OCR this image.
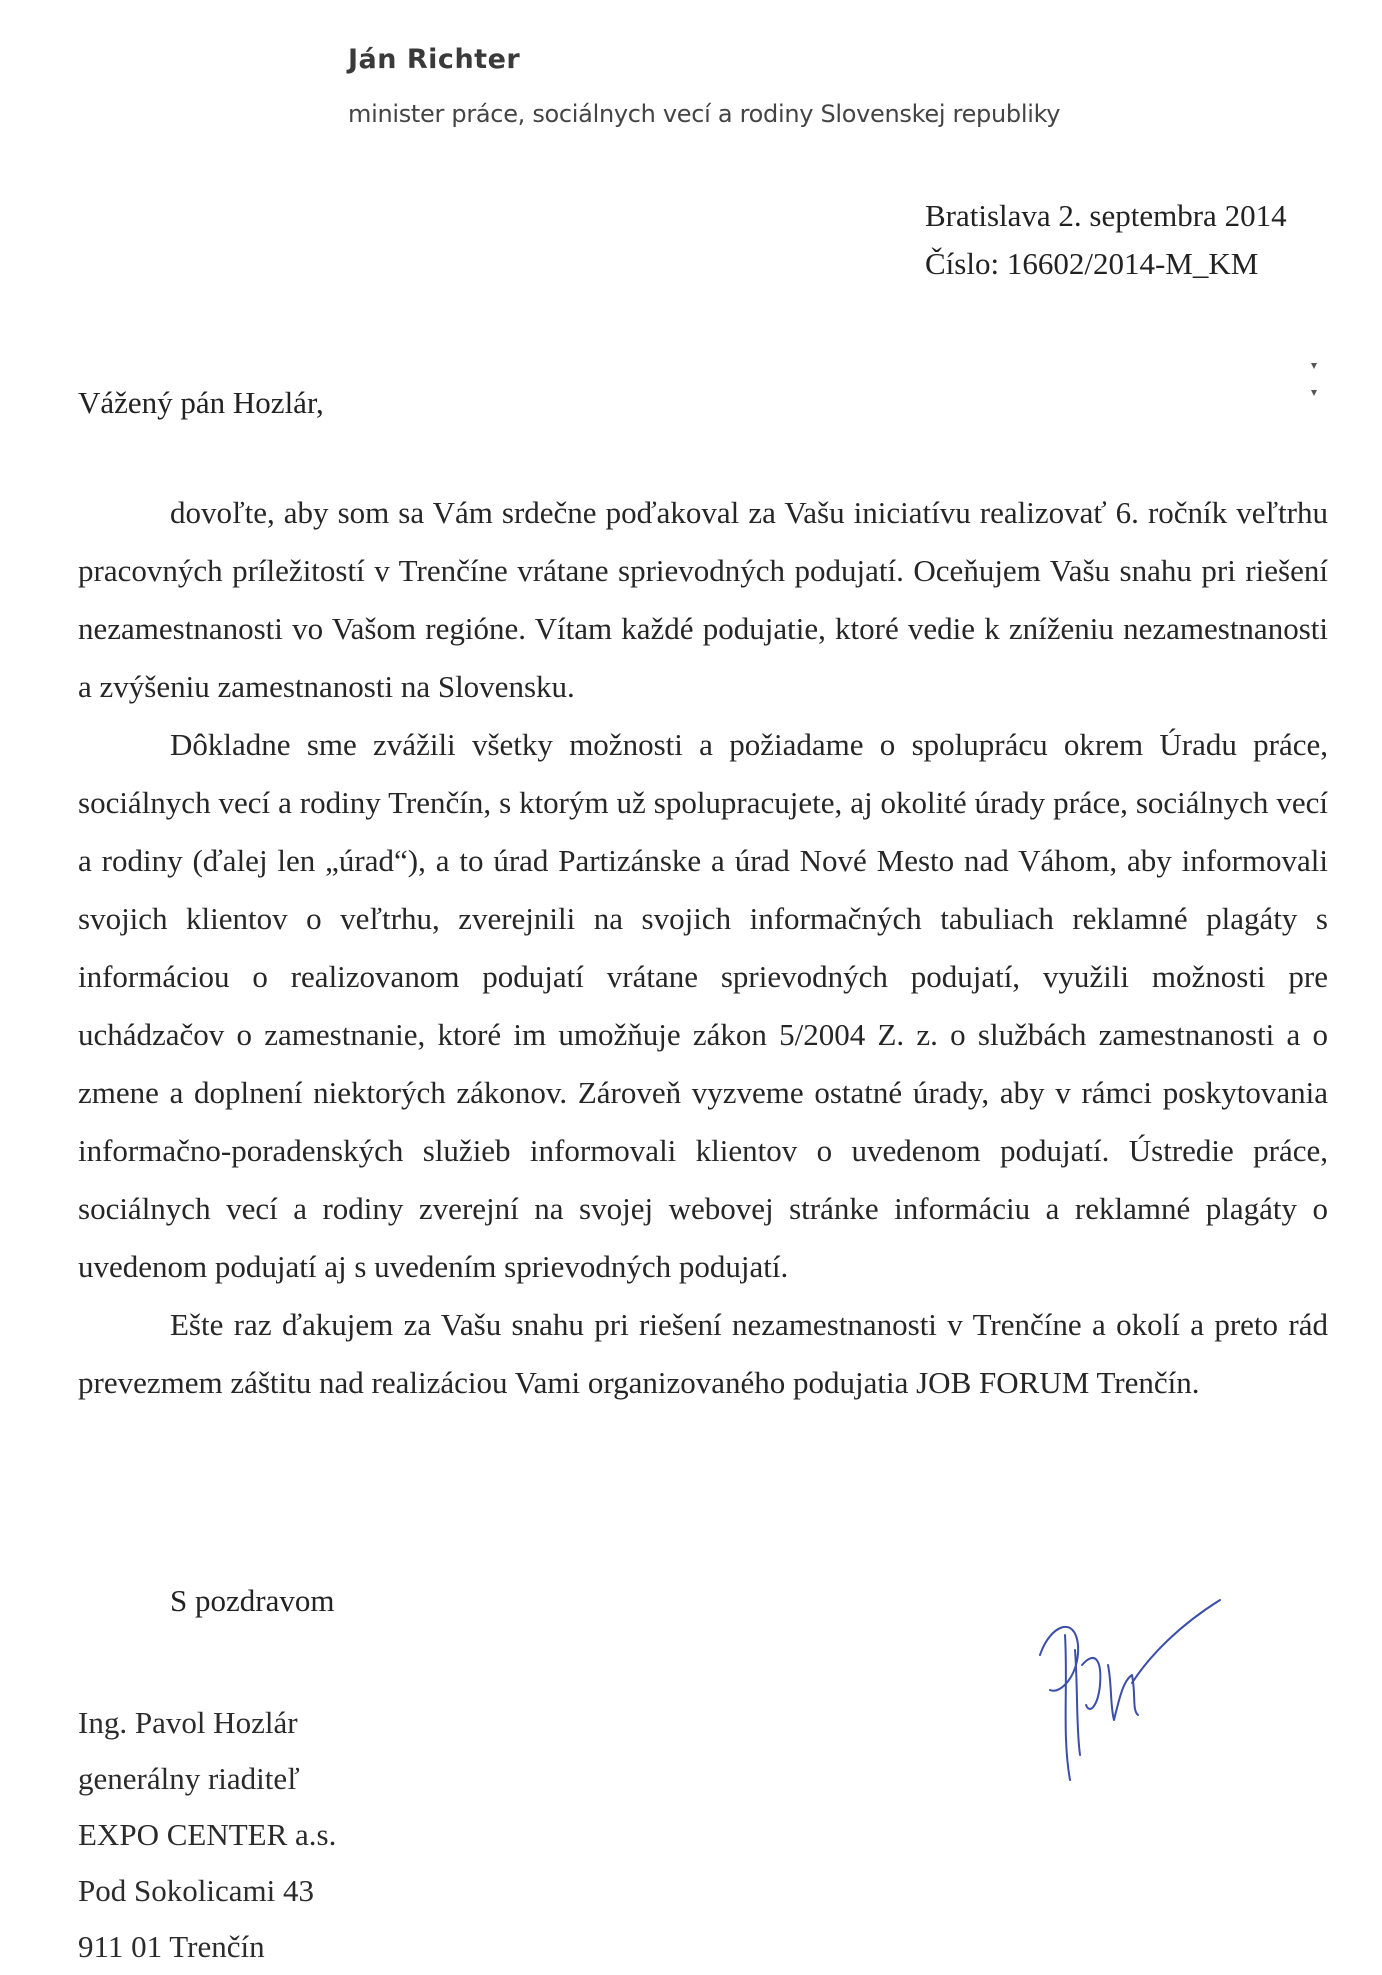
Ján Richter
minister práce, sociálnych vecí a rodiny Slovenskej republiky
Bratislava 2. septembra 2014
Číslo: 16602/2014-M_KM
Vážený pán Hozlár,

dovoľte, aby som sa Vám srdečne poďakoval za Vašu iniciatívu realizovať 6. ročník veľtrhu pracovných príležitostí v Trenčíne vrátane sprievodných podujatí. Oceňujem Vašu snahu pri riešení nezamestnanosti vo Vašom regióne. Vítam každé podujatie, ktoré vedie k zníženiu nezamestnanosti a zvýšeniu zamestnanosti na Slovensku.

Dôkladne sme zvážili všetky možnosti a požiadame o spoluprácu okrem Úradu práce, sociálnych vecí a rodiny Trenčín, s ktorým už spolupracujete, aj okolité úrady práce, sociálnych vecí a rodiny (ďalej len „úrad“), a to úrad Partizánske a úrad Nové Mesto nad Váhom, aby informovali svojich klientov o veľtrhu, zverejnili na svojich informačných tabuliach reklamné plagáty s informáciou o realizovanom podujatí vrátane sprievodných podujatí, využili možnosti pre uchádzačov o zamestnanie, ktoré im umožňuje zákon 5/2004 Z. z. o službách zamestnanosti a o zmene a doplnení niektorých zákonov. Zároveň vyzveme ostatné úrady, aby v rámci poskytovania informačno-poradenských služieb informovali klientov o uvedenom podujatí. Ústredie práce, sociálnych vecí a rodiny zverejní na svojej webovej stránke informáciu a reklamné plagáty o uvedenom podujatí aj s uvedením sprievodných podujatí.

Ešte raz ďakujem za Vašu snahu pri riešení nezamestnanosti v Trenčíne a okolí a preto rád prevezmem záštitu nad realizáciou Vami organizovaného podujatia JOB FORUM Trenčín.

S pozdravom
Ing. Pavol Hozlár
generálny riaditeľ
EXPO CENTER a.s.
Pod Sokolicami 43
911 01 Trenčín
